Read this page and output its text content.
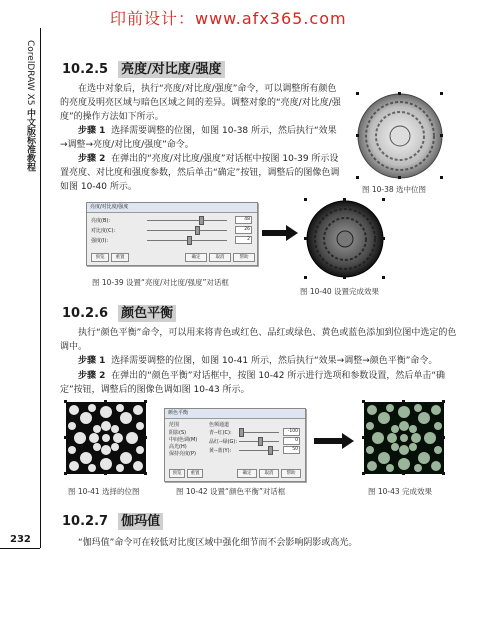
印前设计：www.afx365.com
CorelDRAW X5 中文版标准教程
232
10.2.5 亮度/对比度/强度
在选中对象后，执行“亮度/对比度/强度”命令，可以调整所有颜色的亮度及明亮区域与暗色区域之间的差异。调整对象的“亮度/对比度/强度”的操作方法如下所示。
步骤 1 选择需要调整的位图，如图 10-38 所示，然后执行“效果→调整→亮度/对比度/强度”命令。
步骤 2 在弹出的“亮度/对比度/强度”对话框中按图 10-39 所示设置亮度、对比度和强度参数，然后单击“确定”按钮，调整后的图像色调如图 10-40 所示。	图 10-38 选中位图
亮度/对比度/强度
亮度(B):	48
对比度(C):	26
强度(I):	2
预览	重置	确定	取消	帮助
图 10-39 设置“亮度/对比度/强度”对话框
图 10-40 设置完成效果
10.2.6 颜色平衡
执行“颜色平衡”命令，可以用来将青色或红色、品红或绿色、黄色或蓝色添加到位图中选定的色调中。
步骤 1 选择需要调整的位图，如图 10-41 所示，然后执行“效果→调整→颜色平衡”命令。
步骤 2 在弹出的“颜色平衡”对话框中，按图 10-42 所示进行选项和参数设置，然后单击“确定”按钮，调整后的图像色调如图 10-43 所示。
颜色平衡
范围
阴影(S)
中间色调(M)
高光(H)
保持亮度(P)
色频通道
青--红(C):	-100
品红--绿(G):	0
黄--蓝(Y):	50
预览	重置	确定	取消	帮助
图 10-41 选择的位图	图 10-42 设置“颜色平衡”对话框	图 10-43 完成效果
10.2.7 伽玛值
“伽玛值”命令可在较低对比度区域中强化细节而不会影响阴影或高光。
